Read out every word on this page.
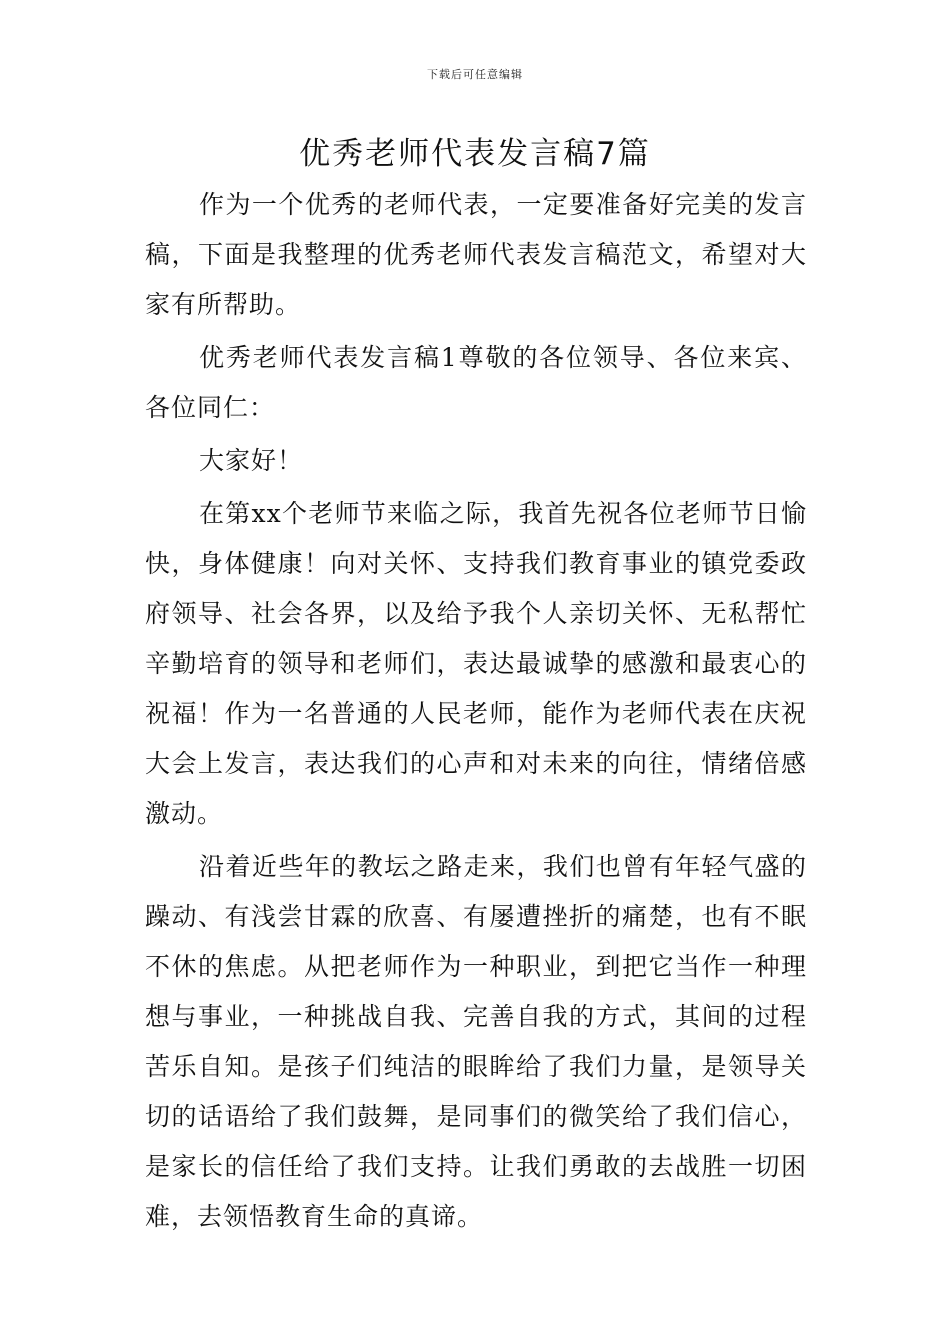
下载后可任意编辑
优秀老师代表发言稿7篇

作为一个优秀的老师代表，一定要准备好完美的发言稿，下面是我整理的优秀老师代表发言稿范文，希望对大家有所帮助。

优秀老师代表发言稿1尊敬的各位领导、各位来宾、各位同仁：

大家好！

在第xx个老师节来临之际，我首先祝各位老师节日愉快，身体健康！向对关怀、支持我们教育事业的镇党委政府领导、社会各界，以及给予我个人亲切关怀、无私帮忙辛勤培育的领导和老师们，表达最诚挚的感激和最衷心的祝福！作为一名普通的人民老师，能作为老师代表在庆祝大会上发言，表达我们的心声和对未来的向往，情绪倍感激动。

沿着近些年的教坛之路走来，我们也曾有年轻气盛的躁动、有浅尝甘霖的欣喜、有屡遭挫折的痛楚，也有不眠不休的焦虑。从把老师作为一种职业，到把它当作一种理想与事业，一种挑战自我、完善自我的方式，其间的过程苦乐自知。是孩子们纯洁的眼眸给了我们力量，是领导关切的话语给了我们鼓舞，是同事们的微笑给了我们信心，是家长的信任给了我们支持。让我们勇敢的去战胜一切困难，去领悟教育生命的真谛。
